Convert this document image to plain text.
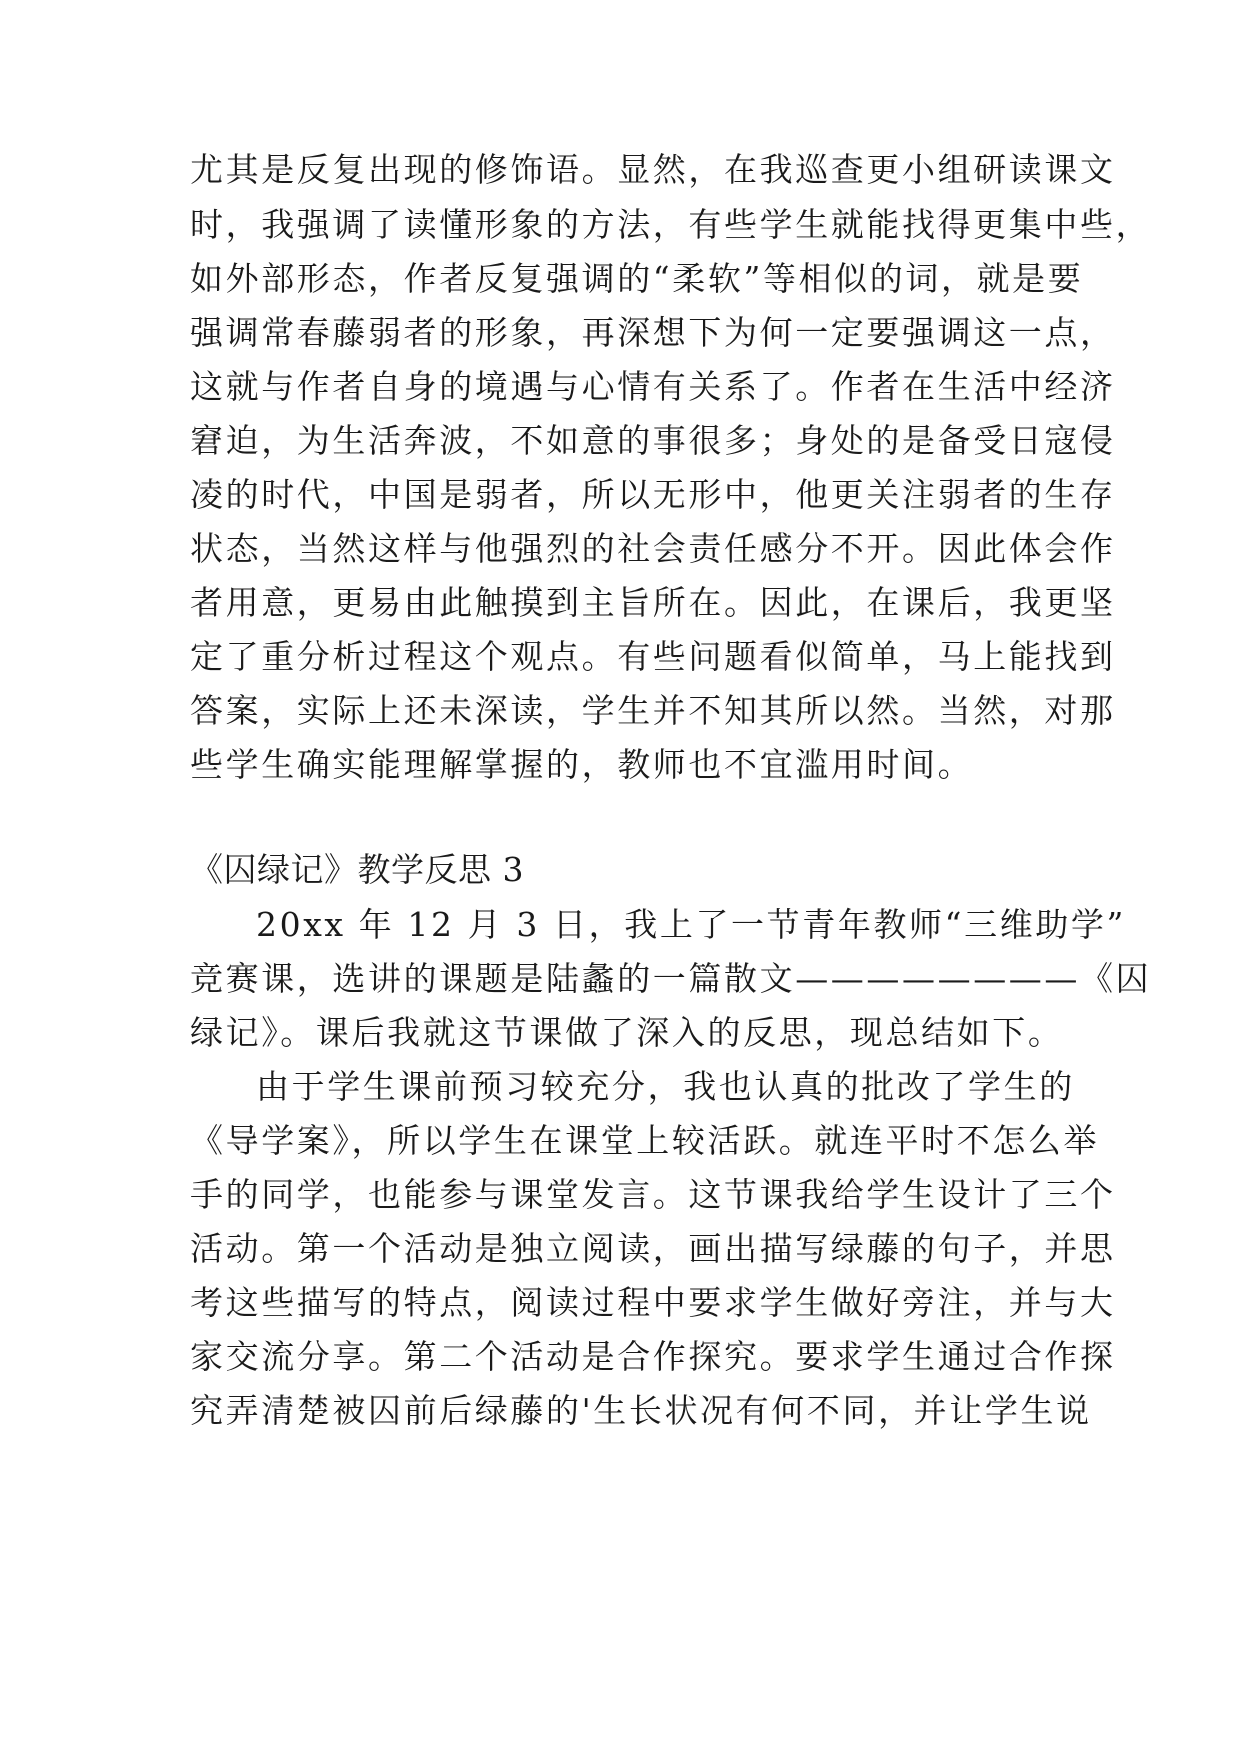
尤其是反复出现的修饰语。显然，在我巡查更小组研读课文
时，我强调了读懂形象的方法，有些学生就能找得更集中些，
如外部形态，作者反复强调的“柔软”等相似的词，就是要
强调常春藤弱者的形象，再深想下为何一定要强调这一点，
这就与作者自身的境遇与心情有关系了。作者在生活中经济
窘迫，为生活奔波，不如意的事很多；身处的是备受日寇侵
凌的时代，中国是弱者，所以无形中，他更关注弱者的生存
状态，当然这样与他强烈的社会责任感分不开。因此体会作
者用意，更易由此触摸到主旨所在。因此，在课后，我更坚
定了重分析过程这个观点。有些问题看似简单，马上能找到
答案，实际上还未深读，学生并不知其所以然。当然，对那
些学生确实能理解掌握的，教师也不宜滥用时间。
《囚绿记》教学反思 3
20xx 年 12 月 3 日，我上了一节青年教师“三维助学”
竞赛课，选讲的课题是陆蠡的一篇散文————————《囚
绿记》。课后我就这节课做了深入的反思，现总结如下。
由于学生课前预习较充分，我也认真的批改了学生的
《导学案》，所以学生在课堂上较活跃。就连平时不怎么举
手的同学，也能参与课堂发言。这节课我给学生设计了三个
活动。第一个活动是独立阅读，画出描写绿藤的句子，并思
考这些描写的特点，阅读过程中要求学生做好旁注，并与大
家交流分享。第二个活动是合作探究。要求学生通过合作探
究弄清楚被囚前后绿藤的'生长状况有何不同，并让学生说
